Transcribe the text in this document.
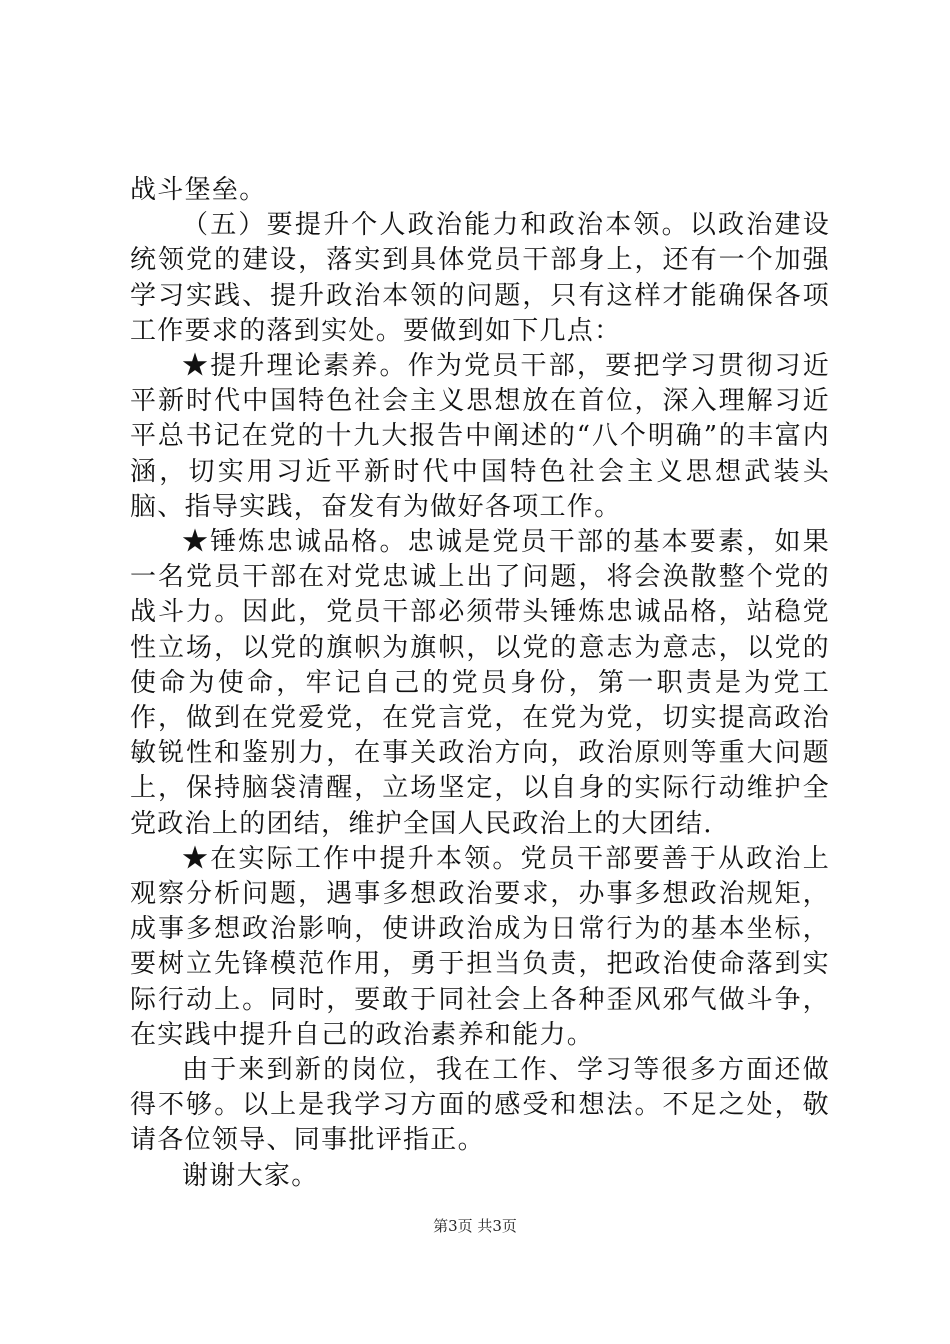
战斗堡垒。

（五）要提升个人政治能力和政治本领。以政治建设统领党的建设，落实到具体党员干部身上，还有一个加强学习实践、提升政治本领的问题，只有这样才能确保各项工作要求的落到实处。要做到如下几点：

★提升理论素养。作为党员干部，要把学习贯彻习近平新时代中国特色社会主义思想放在首位，深入理解习近平总书记在党的十九大报告中阐述的“八个明确”的丰富内涵，切实用习近平新时代中国特色社会主义思想武装头脑、指导实践，奋发有为做好各项工作。

★锤炼忠诚品格。忠诚是党员干部的基本要素，如果一名党员干部在对党忠诚上出了问题，将会涣散整个党的战斗力。因此，党员干部必须带头锤炼忠诚品格，站稳党性立场，以党的旗帜为旗帜，以党的意志为意志，以党的使命为使命，牢记自己的党员身份，第一职责是为党工作，做到在党爱党，在党言党，在党为党，切实提高政治敏锐性和鉴别力，在事关政治方向，政治原则等重大问题上，保持脑袋清醒，立场坚定，以自身的实际行动维护全党政治上的团结，维护全国人民政治上的大团结.

★在实际工作中提升本领。党员干部要善于从政治上观察分析问题，遇事多想政治要求，办事多想政治规矩，成事多想政治影响，使讲政治成为日常行为的基本坐标，要树立先锋模范作用，勇于担当负责，把政治使命落到实际行动上。同时，要敢于同社会上各种歪风邪气做斗争，在实践中提升自己的政治素养和能力。

由于来到新的岗位，我在工作、学习等很多方面还做得不够。以上是我学习方面的感受和想法。不足之处，敬请各位领导、同事批评指正。

谢谢大家。

第3页 共3页
